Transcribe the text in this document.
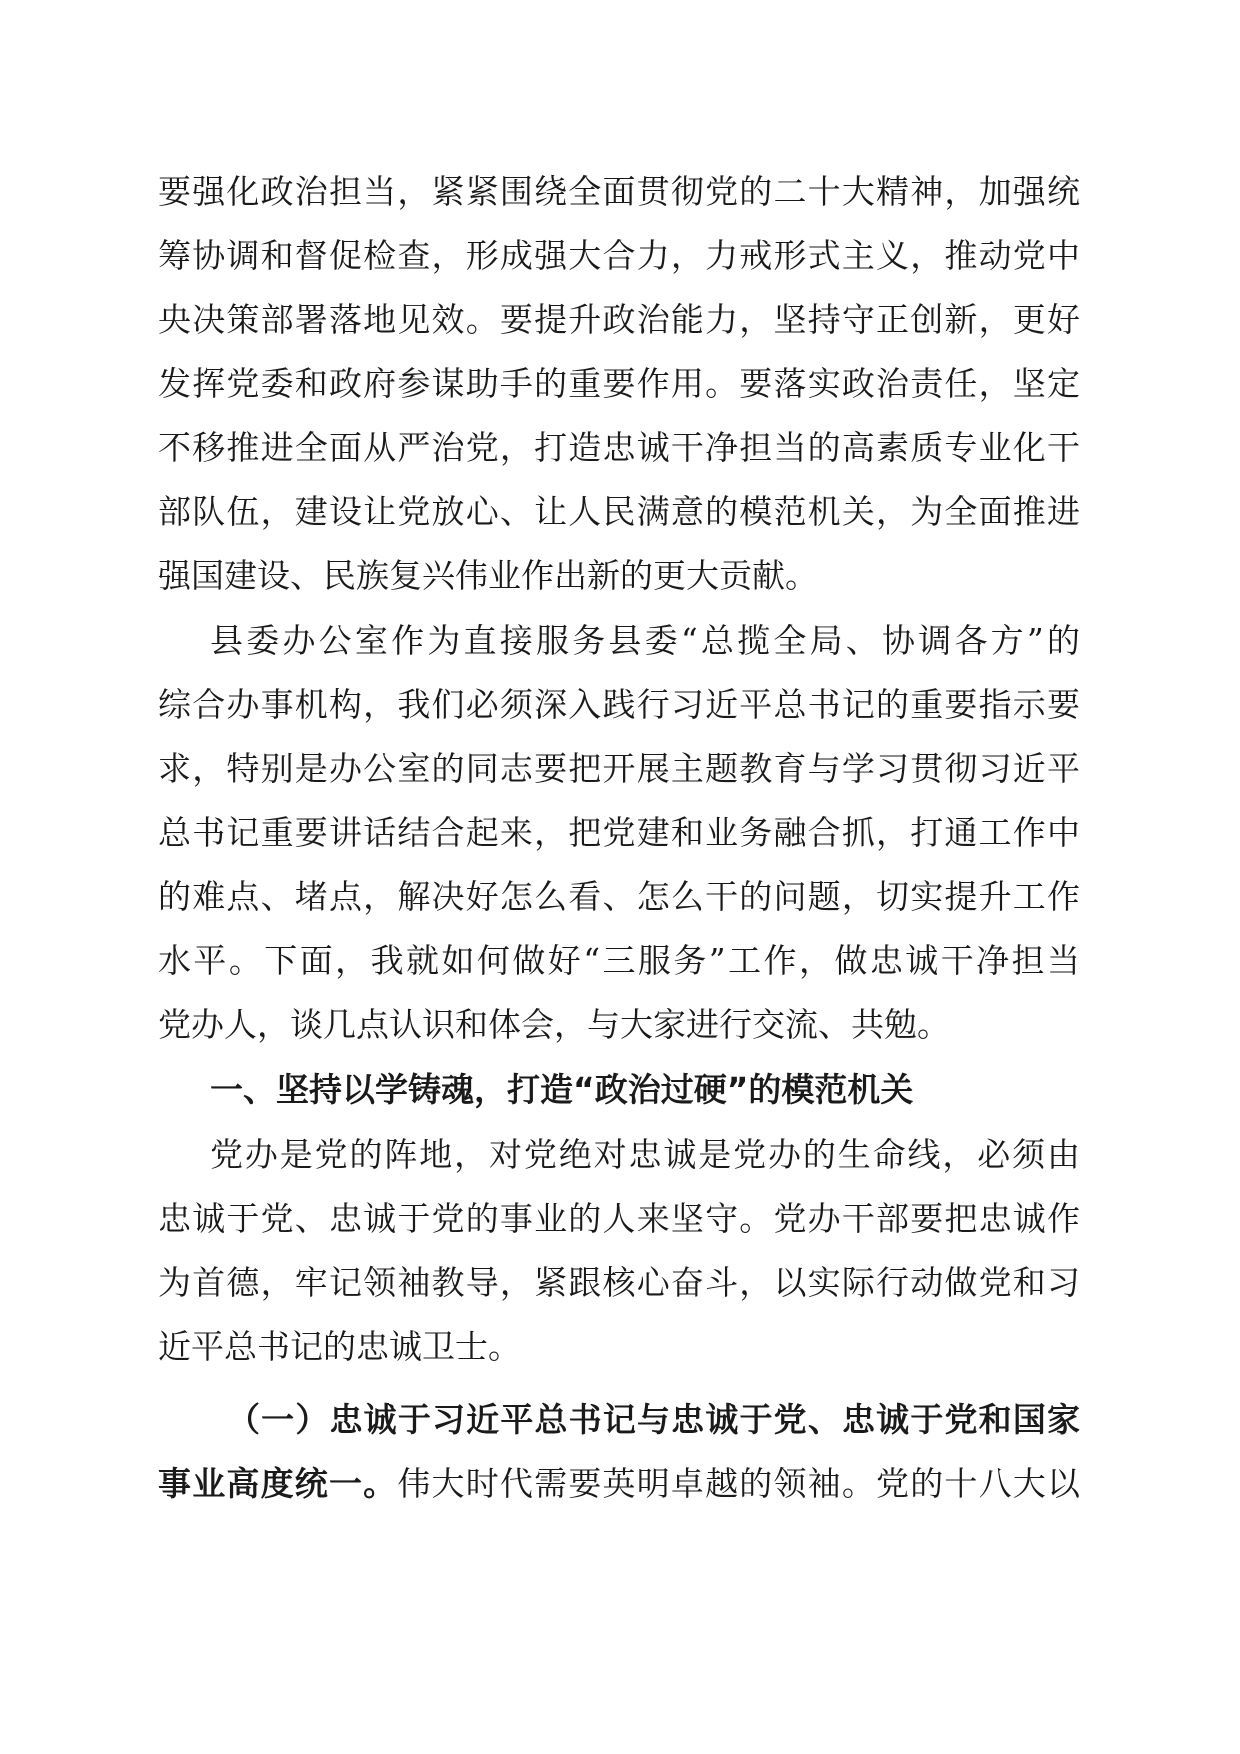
要强化政治担当，紧紧围绕全面贯彻党的二十大精神，加强统
筹协调和督促检查，形成强大合力，力戒形式主义，推动党中
央决策部署落地见效。要提升政治能力，坚持守正创新，更好
发挥党委和政府参谋助手的重要作用。要落实政治责任，坚定
不移推进全面从严治党，打造忠诚干净担当的高素质专业化干
部队伍，建设让党放心、让人民满意的模范机关，为全面推进
强国建设、民族复兴伟业作出新的更大贡献。
县委办公室作为直接服务县委“总揽全局、协调各方”的
综合办事机构，我们必须深入践行习近平总书记的重要指示要
求，特别是办公室的同志要把开展主题教育与学习贯彻习近平
总书记重要讲话结合起来，把党建和业务融合抓，打通工作中
的难点、堵点，解决好怎么看、怎么干的问题，切实提升工作
水平。下面，我就如何做好“三服务”工作，做忠诚干净担当
党办人，谈几点认识和体会，与大家进行交流、共勉。
一、坚持以学铸魂，打造“政治过硬”的模范机关
党办是党的阵地，对党绝对忠诚是党办的生命线，必须由
忠诚于党、忠诚于党的事业的人来坚守。党办干部要把忠诚作
为首德，牢记领袖教导，紧跟核心奋斗，以实际行动做党和习
近平总书记的忠诚卫士。
（一）忠诚于习近平总书记与忠诚于党、忠诚于党和国家
事业高度统一。伟大时代需要英明卓越的领袖。党的十八大以
